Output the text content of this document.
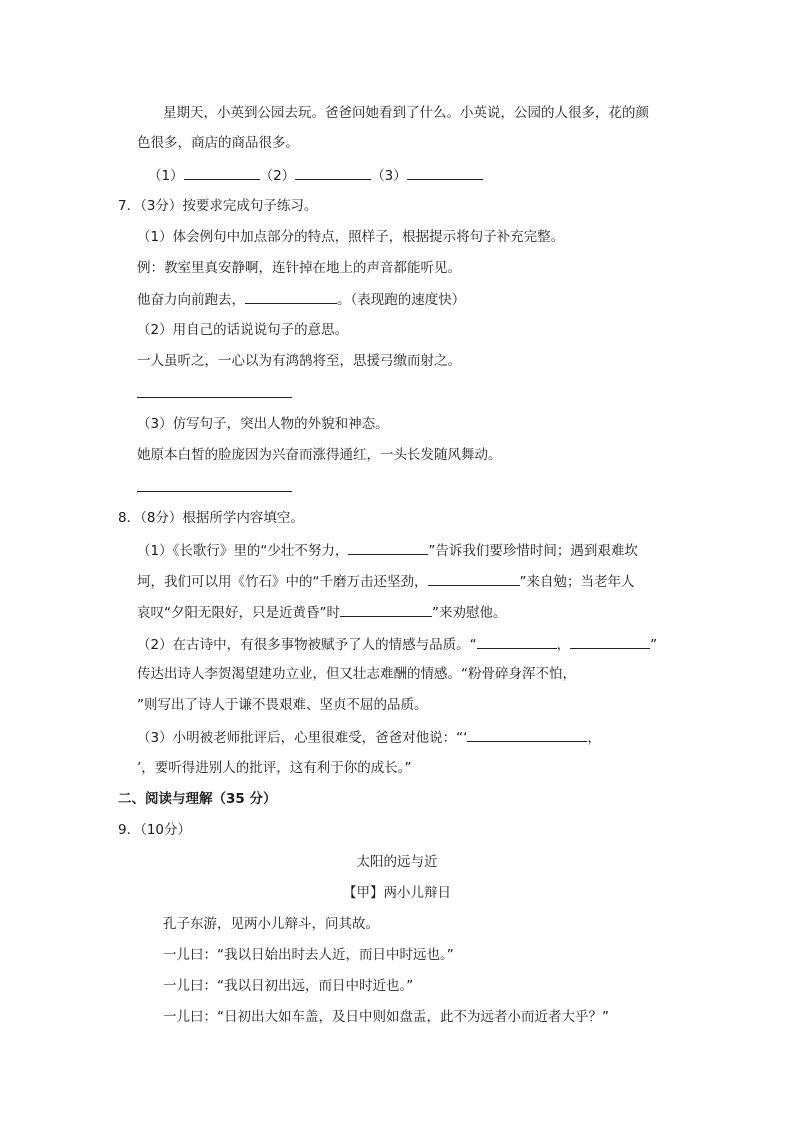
星期天，小英到公园去玩。爸爸问她看到了什么。小英说，公园的人很多，花的颜
色很多，商店的商品很多。
（1）	（2）	（3）
7．（3分）按要求完成句子练习。
（1）体会例句中加点部分的特点，照样子，根据提示将句子补充完整。
例：教室里真安静啊，连针掉在地上的声音都能听见。
他奋力向前跑去，	。（表现跑的速度快）
（2）用自己的话说说句子的意思。
一人虽听之，一心以为有鸿鹄将至，思援弓缴而射之。
（3）仿写句子，突出人物的外貌和神态。
她原本白皙的脸庞因为兴奋而涨得通红，一头长发随风舞动。
8．（8分）根据所学内容填空。
（1）《长歌行》里的“少壮不努力，	”告诉我们要珍惜时间；遇到艰难坎
坷，我们可以用《竹石》中的“千磨万击还坚劲，	”来自勉；当老年人
哀叹“夕阳无限好，只是近黄昏”时	”来劝慰他。
（2）在古诗中，有很多事物被赋予了人的情感与品质。“	，	”
传达出诗人李贺渴望建功立业，但又壮志难酬的情感。“粉骨碎身浑不怕，
”则写出了诗人于谦不畏艰难、坚贞不屈的品质。
（3）小明被老师批评后，心里很难受，爸爸对他说：“‘	，
’，要听得进别人的批评，这有利于你的成长。”
二、阅读与理解（35 分）
9．（10分）
太阳的远与近
【甲】两小儿辩日
孔子东游，见两小儿辩斗，问其故。
一儿曰：“我以日始出时去人近，而日中时远也。”
一儿曰：“我以日初出远，而日中时近也。”
一儿曰：“日初出大如车盖，及日中则如盘盂，此不为远者小而近者大乎？”
